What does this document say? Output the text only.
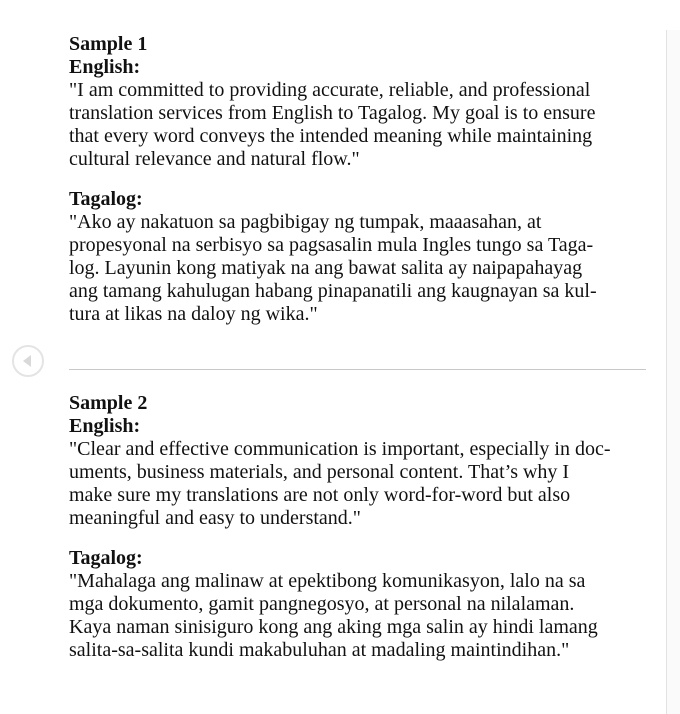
Sample 1

English:

"I am committed to providing accurate, reliable, and professional
translation services from English to Tagalog. My goal is to ensure
that every word conveys the intended meaning while maintaining
cultural relevance and natural flow."

Tagalog:

"Ako ay nakatuon sa pagbibigay ng tumpak, maaasahan, at
propesyonal na serbisyo sa pagsasalin mula Ingles tungo sa Taga-
log. Layunin kong matiyak na ang bawat salita ay naipapahayag
ang tamang kahulugan habang pinapanatili ang kaugnayan sa kul-
tura at likas na daloy ng wika."

Sample 2

English:

"Clear and effective communication is important, especially in doc-
uments, business materials, and personal content. That’s why I
make sure my translations are not only word-for-word but also
meaningful and easy to understand."

Tagalog:

"Mahalaga ang malinaw at epektibong komunikasyon, lalo na sa
mga dokumento, gamit pangnegosyo, at personal na nilalaman.
Kaya naman sinisiguro kong ang aking mga salin ay hindi lamang
salita-sa-salita kundi makabuluhan at madaling maintindihan."
